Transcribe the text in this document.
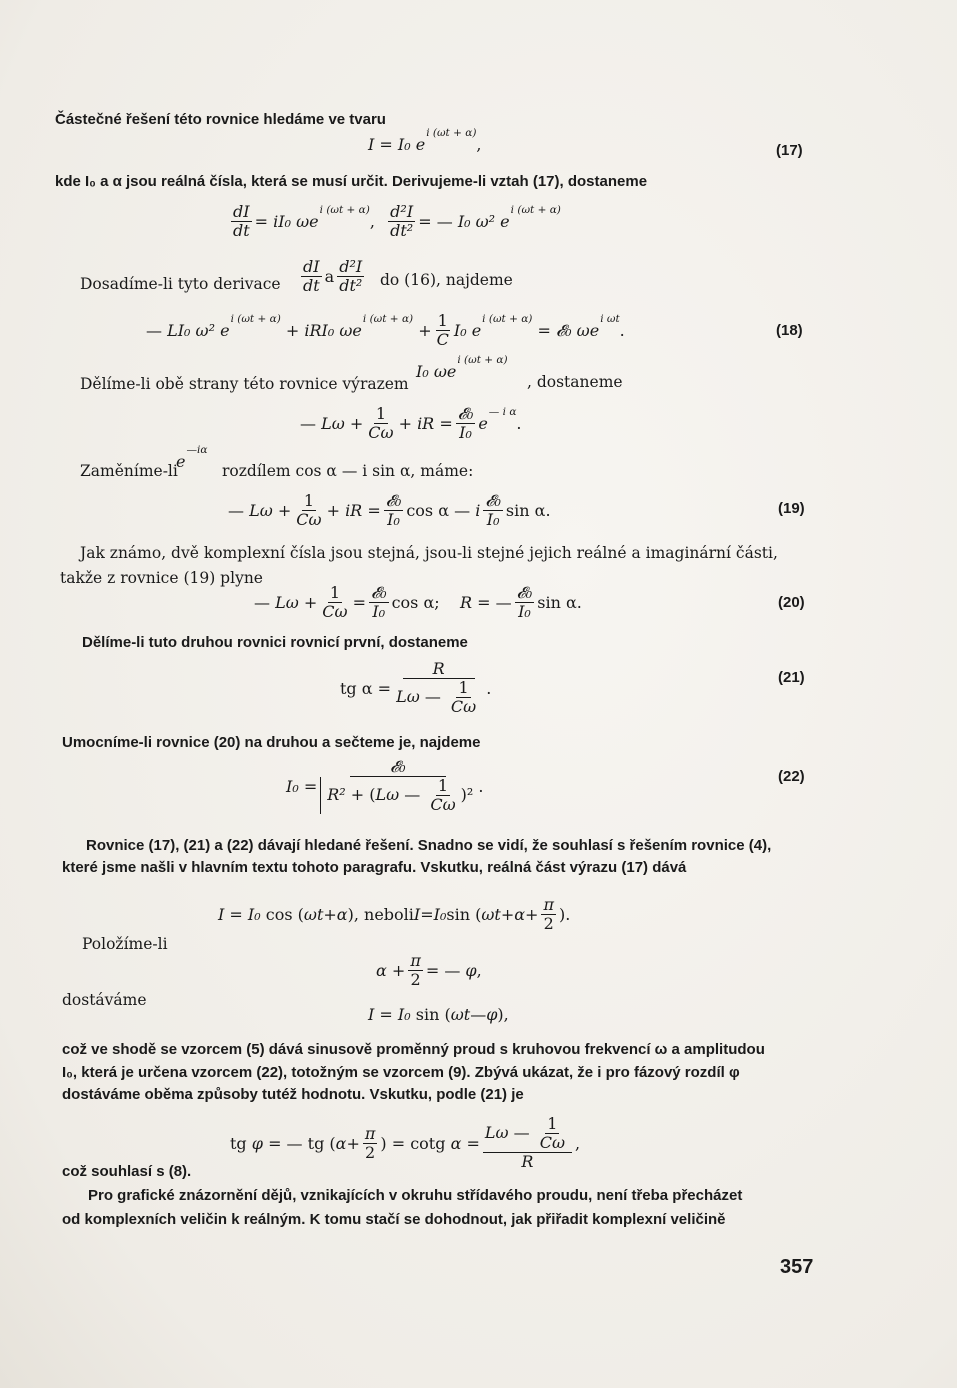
Částečné řešení této rovnice hledáme ve tvaru
I = I₀ e
i (ωt + α)
,	(17)
kde I₀ a α jsou reálná čísla, která se musí určit. Derivujeme-li vztah (17), dostaneme
$\frac{dI}{dt}$ =
iI₀ ωe
i (ωt + α)
,
$\frac{\text{d²I}}{\text{dt²}}$ = —
I₀ ω² e
i (ωt + α)
Dosadíme-li tyto derivace $\frac{dI}{dt}$ a $\frac{\text{d²I}}{\text{dt²}}$ do (16), najdeme
—
LI₀ ω² e
i (ωt + α)

+
iRI₀ ωe
i (ωt + α)

+ $\frac{1}{C} I_0$ e
i (ωt + α)

=
𝓔₀ ωe
i ωt
.	(18)
Dělíme-li obě strany této rovnice výrazem
I₀ ωe
i (ωt + α)
, dostaneme
—
Lω
+ $\frac{1}{C\omega}$ +
iR
= $\frac{\text{𝓔₀}}{\text{I₀}}$ e
— i α
.
Zaměníme-li
e
—iα
rozdílem cos α — i sin α, máme:
—
Lω
+ $\frac{1}{C\omega}$ +
iR
= $\frac{\text{𝓔₀}}{\text{I₀}}$ cos α —
i $\frac{\text{𝓔₀}}{\text{I₀}}$ sin α.	(19)
Jak známo, dvě komplexní čísla jsou stejná, jsou-li stejné jejich reálné a imaginární části,
takže z rovnice (19) plyne
—
Lω
+ $\frac{1}{C\omega} = \frac{\text{𝓔₀}}{\text{I₀}}$ cos α;
R
= — $\frac{\text{𝓔₀}}{\text{I₀}}$ sin α.	(20)
Dělíme-li tuto druhou rovnici rovnicí první, dostaneme
tg $\alpha = \frac{R}{L\omega — \frac{1}{C\omega}}$ .
(21)
Umocníme-li rovnice (20) na druhou a sečteme je, najdeme
I₀
= $\frac{\text{𝓔₀}}{R^2 + (L\omega — \frac{1}{C\omega} )^2}$ .	(22)
Rovnice (17), (21) a (22) dávají hledané řešení. Snadno se vidí, že souhlasí s řešením rovnice (4),
které jsme našli v hlavním textu tohoto paragrafu. Vskutku, reálná část výrazu (17) dává
I
=
I₀
cos ( ωt + α ), neboli I = I₀ sin ( $\omega t + \alpha + \frac{\pi}{2}$ ).
Položíme-li
α
+ $\frac{\pi}{2}$ = —
φ ,
dostáváme
I
=
I₀
sin ( ωt — φ ),
což ve shodě se vzorcem (5) dává sinusově proměnný proud s kruhovou frekvencí ω a amplitudou
I₀, která je určena vzorcem (22), totožným se vzorcem (9). Zbývá ukázat, že i pro fázový rozdíl φ
dostáváme oběma způsoby tutéž hodnotu. Vskutku, podle (21) je
tg
φ
= — tg ( $\alpha + \frac{\pi}{2}$ ) = cotg
α
= $\frac{L\omega — \frac{1}{C\omega}}{R}$ ,
což souhlasí s (8).
Pro grafické znázornění dějů, vznikajících v okruhu střídavého proudu, není třeba přecházet
od komplexních veličin k reálným. K tomu stačí se dohodnout, jak přiřadit komplexní veličině
357
